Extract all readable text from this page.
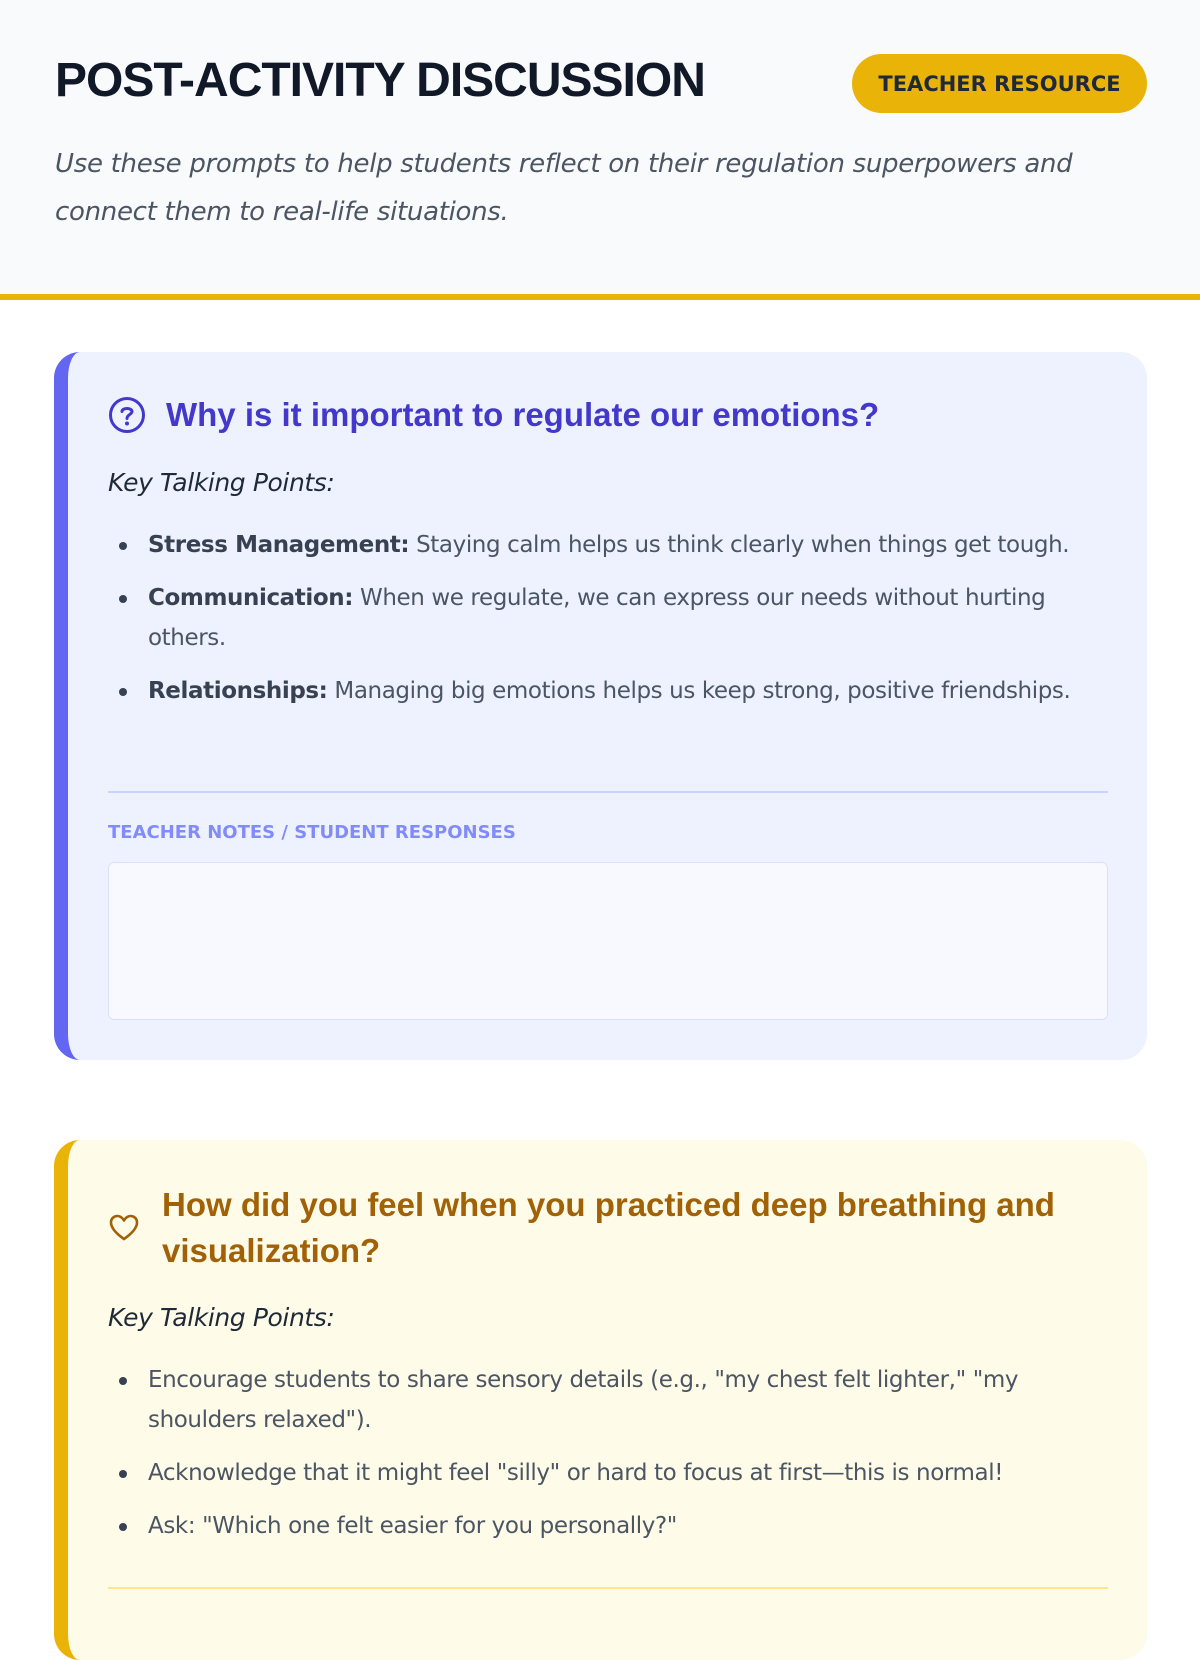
POST-ACTIVITY DISCUSSION	TEACHER RESOURCE

Use these prompts to help students reflect on their regulation superpowers and connect them to real-life situations.

Why is it important to regulate our emotions?
Key Talking Points:
Stress Management: Staying calm helps us think clearly when things get tough.
Communication: When we regulate, we can express our needs without hurting others.
Relationships: Managing big emotions helps us keep strong, positive friendships.
TEACHER NOTES / STUDENT RESPONSES
How did you feel when you practiced deep breathing and visualization?
Key Talking Points:
Encourage students to share sensory details (e.g., "my chest felt lighter," "my shoulders relaxed").
Acknowledge that it might feel "silly" or hard to focus at first—this is normal!
Ask: "Which one felt easier for you personally?"
